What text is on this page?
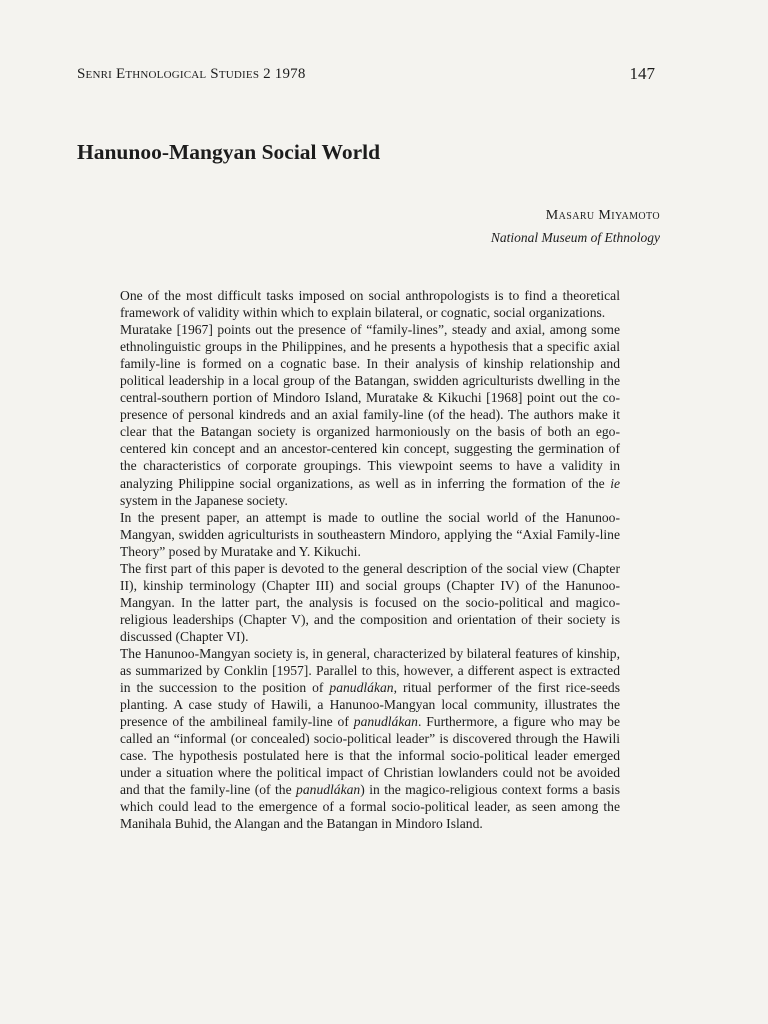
Senri Ethnological Studies 2 1978	147
Hanunoo-Mangyan Social World
Masaru Miyamoto
National Museum of Ethnology

One of the most difficult tasks imposed on social anthropologists is to find a theoretical framework of validity within which to explain bilateral, or cognatic, social organizations.

Muratake [1967] points out the presence of “family-lines”, steady and axial, among some ethnolinguistic groups in the Philippines, and he presents a hypothesis that a specific axial family-line is formed on a cognatic base. In their analysis of kinship relationship and political leadership in a local group of the Batangan, swidden agriculturists dwelling in the central-southern portion of Mindoro Island, Muratake & Kikuchi [1968] point out the co-presence of personal kindreds and an axial family-line (of the head). The authors make it clear that the Batangan society is organized harmoniously on the basis of both an ego-centered kin concept and an ancestor-centered kin concept, suggesting the germination of the characteristics of corporate groupings. This viewpoint seems to have a validity in analyzing Philippine social organizations, as well as in inferring the formation of the ie system in the Japanese society.

In the present paper, an attempt is made to outline the social world of the Hanunoo-Mangyan, swidden agriculturists in southeastern Mindoro, applying the “Axial Family-line Theory” posed by Muratake and Y. Kikuchi.

The first part of this paper is devoted to the general description of the social view (Chapter II), kinship terminology (Chapter III) and social groups (Chapter IV) of the Hanunoo-Mangyan. In the latter part, the analysis is focused on the socio-political and magico-religious leaderships (Chapter V), and the composition and orientation of their society is discussed (Chapter VI).

The Hanunoo-Mangyan society is, in general, characterized by bilateral features of kinship, as summarized by Conklin [1957]. Parallel to this, however, a different aspect is extracted in the succession to the position of panudlákan, ritual performer of the first rice-seeds planting. A case study of Hawili, a Hanunoo-Mangyan local community, illustrates the presence of the ambilineal family-line of panudlákan. Furthermore, a figure who may be called an “informal (or concealed) socio-political leader” is discovered through the Hawili case. The hypothesis postulated here is that the informal socio-political leader emerged under a situation where the political impact of Christian lowlanders could not be avoided and that the family-line (of the panudlákan) in the magico-religious context forms a basis which could lead to the emergence of a formal socio-political leader, as seen among the Manihala Buhid, the Alangan and the Batangan in Mindoro Island.
